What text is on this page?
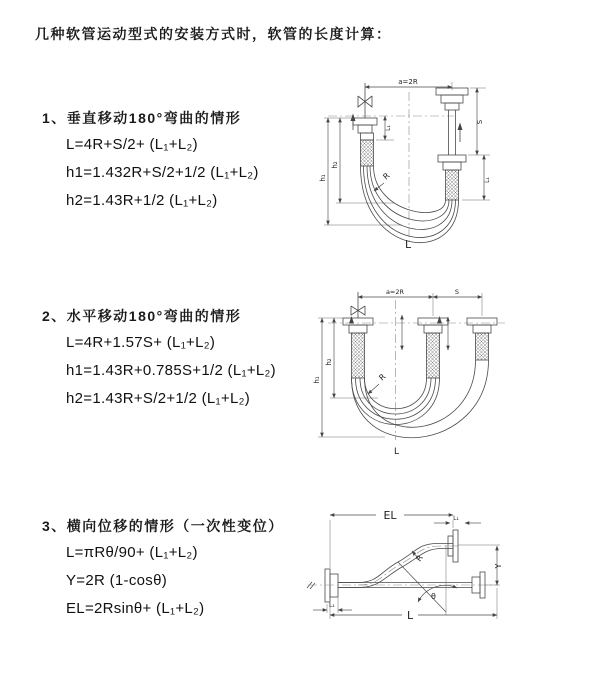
几种软管运动型式的安装方式时，软管的长度计算：
1、垂直移动180°弯曲的情形
L=4R+S/2+ (L₁+L₂)
h1=1.432R+S/2+1/2 (L₁+L₂)
h2=1.43R+1/2 (L₁+L₂)
2、水平移动180°弯曲的情形
L=4R+1.57S+ (L₁+L₂)
h1=1.43R+0.785S+1/2 (L₁+L₂)
h2=1.43R+S/2+1/2 (L₁+L₂)
3、横向位移的情形（一次性变位）
L=πRθ/90+ (L₁+L₂)
Y=2R (1-cosθ)
EL=2Rsinθ+ (L₁+L₂)
a=2R
L₁
S
L₁
h₁
h₂
R
L
a=2R	S
h₁
h₂
R
L
EL	L₁
Y
θ
R
L
L₁
